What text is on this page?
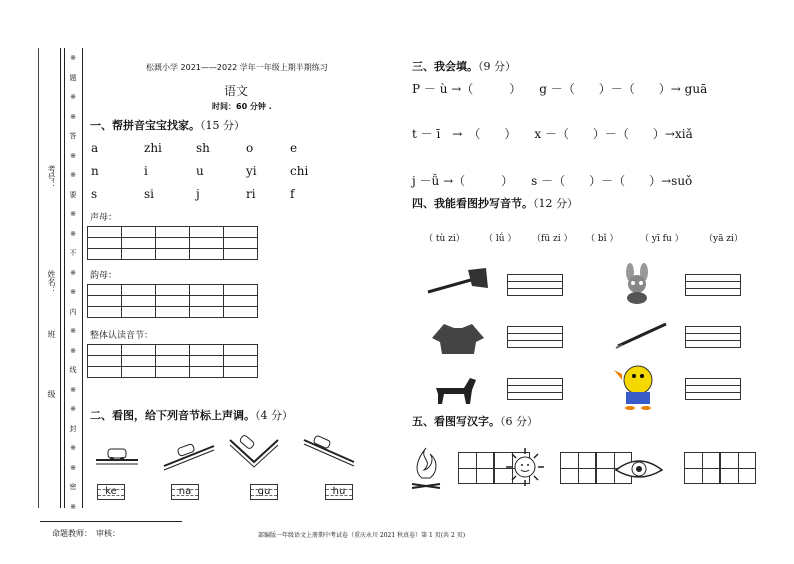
※
题
※
※
答
※
※
要
※
※
不
※
※
内
※
※
线
※
※
封
※
※
密
※
考号：
姓名：
班
级
松溉小学 2021——2022 学年一年级上期半期练习
语文
时间：60 分钟 .
一、帮拼音宝宝找家。（15 分）
a	zhi	sh	o	e
n	i	u	yi	chi
s	si	j	ri	f
声母：

韵母：

整体认读音节：

二、看图，给下列音节标上声调。（4 分）
ke	na	gu	hu
三、我会填。（9 分）
P － ù →（　　　）　　g －（　　）－（　　）→ guā
t － ī　→　（　　）　　x －（　　）－（　　）→xiǎ
j －ǚ →（　　　）　　s －（　　）－（　　）→suǒ
四、我能看图抄写音节。（12 分）
（ tù zi） （ lǘ ） （fū zi ） （ bǐ ） （ yī fu ） （yā zi）
五、看图写汉字。（6 分）
命题教师：　审核：	部编版一年级语文上册期中考试卷（重庆永川 2021 秋真卷）第 1 页(共 2 页)
